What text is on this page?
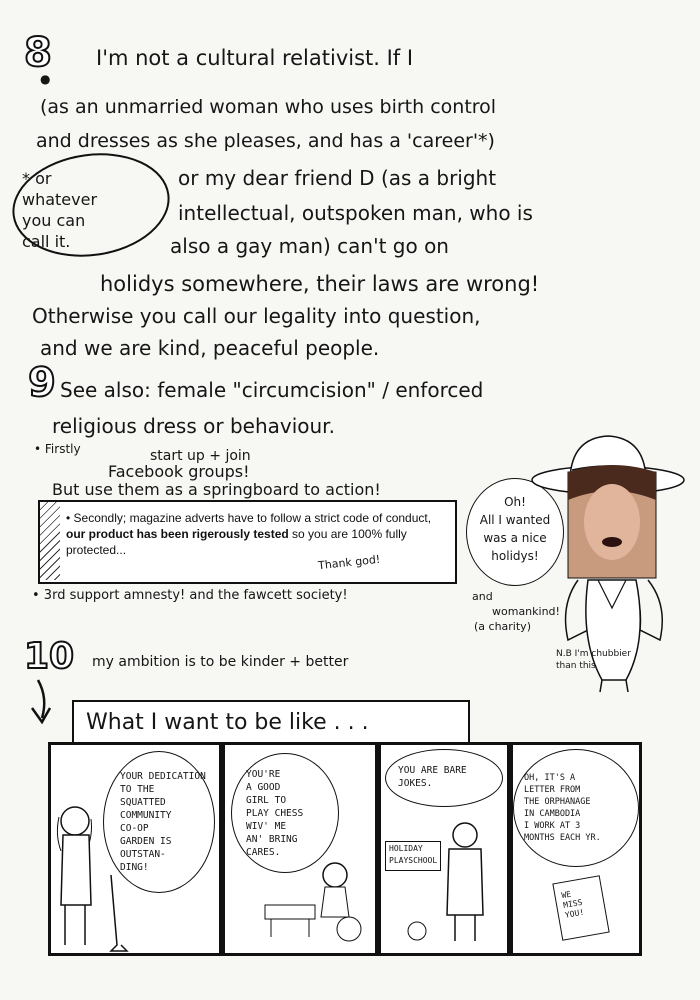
8
●
I'm not a cultural relativist. If I
(as an unmarried woman who uses birth control
and dresses as she pleases, and has a 'career'*)
or my dear friend D (as a bright
intellectual, outspoken man, who is
also a gay man) can't go on
holidys somewhere, their laws are wrong!
Otherwise you call our legality into question,
and we are kind, peaceful people.
* or
whatever
you can
call it.
9 See also: female "circumcision" / enforced
religious dress or behaviour.
• Firstly	start up + join
Facebook groups!
But use them as a springboard to action!
• Secondly; magazine adverts have to follow a strict code of conduct, our product has been rigerously tested so you are 100% fully protected...
Thank god!
• 3rd support amnesty! and the fawcett society!	and
womankind!
(a charity)
Oh!
All I wanted
was a nice
holidys!
N.B I'm chubbier
than this
10 my ambition is to be kinder + better
What I want to be like . . .
YOUR DEDICATION
TO THE
SQUATTED
COMMUNITY
CO-OP
GARDEN IS
OUTSTAN-
DING!
YOU'RE
A GOOD
GIRL TO
PLAY CHESS
WIV' ME
AN' BRING
CARES.
YOU ARE BARE
JOKES.
HOLIDAY
PLAYSCHOOL
OH, IT'S A
LETTER FROM
THE ORPHANAGE
IN CAMBODIA
I WORK AT 3
MONTHS EACH YR.
WE
MISS
YOU!
